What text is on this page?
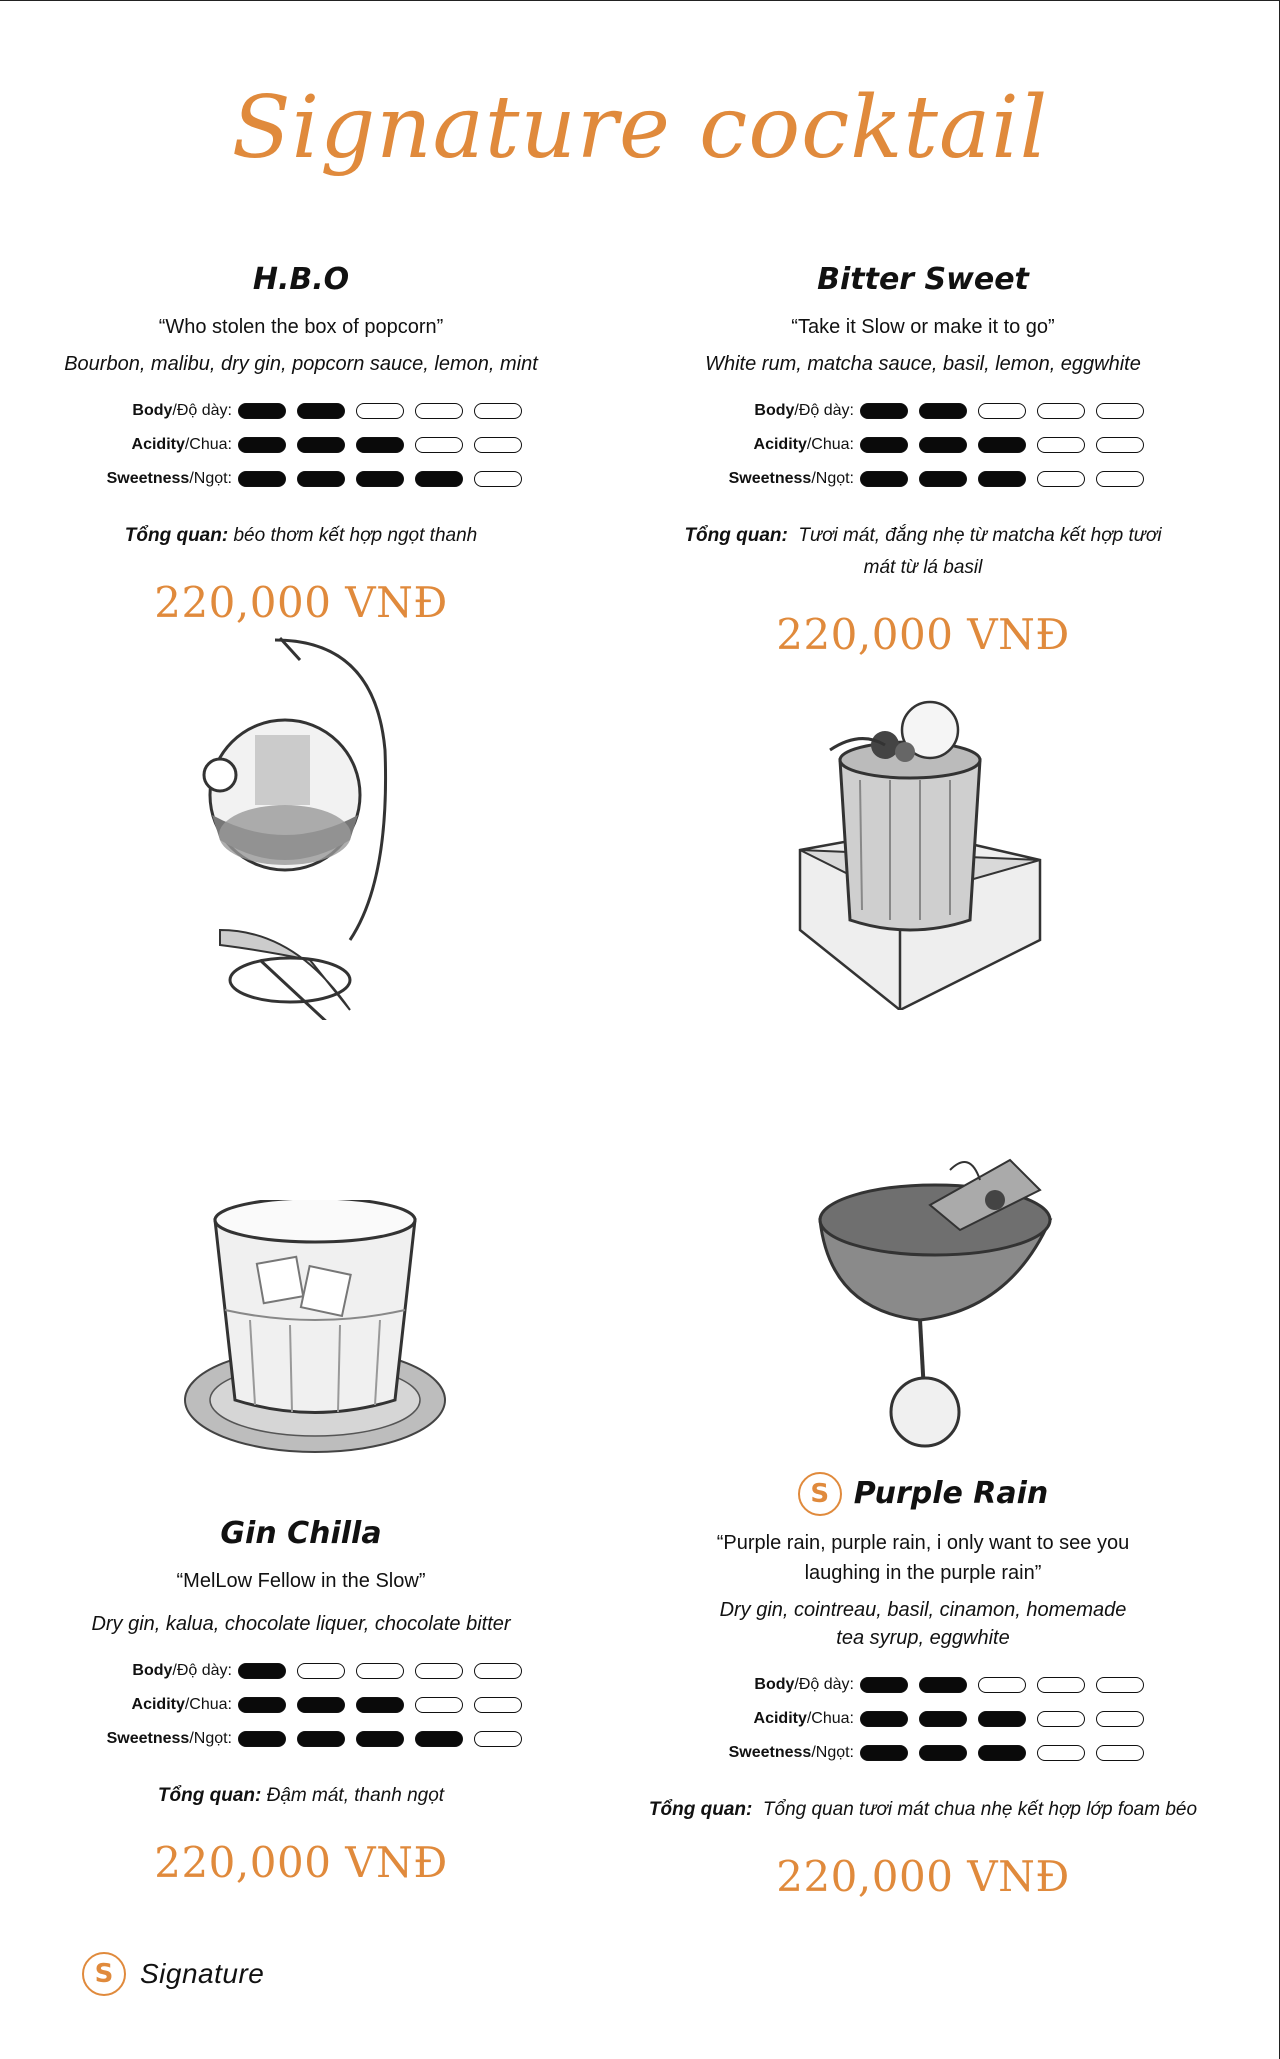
Signature cocktail
H.B.O
“Who stolen the box of popcorn”
Bourbon, malibu, dry gin, popcorn sauce, lemon, mint
Body/Độ dày:
Acidity/Chua:
Sweetness/Ngọt:
Tổng quan: béo thơm kết hợp ngọt thanh
220,000 VNĐ
Bitter Sweet
“Take it Slow or make it to go”
White rum, matcha sauce, basil, lemon, eggwhite
Body/Độ dày:
Acidity/Chua:
Sweetness/Ngọt:
Tổng quan: Tươi mát, đắng nhẹ từ matcha kết hợp tươi mát từ lá basil
220,000 VNĐ
Gin Chilla
“MelLow Fellow in the Slow”
Dry gin, kalua, chocolate liquer, chocolate bitter
Body/Độ dày:
Acidity/Chua:
Sweetness/Ngọt:
Tổng quan: Đậm mát, thanh ngọt
220,000 VNĐ
S Purple Rain
“Purple rain, purple rain, i only want to see you laughing in the purple rain”
Dry gin, cointreau, basil, cinamon, homemade tea syrup, eggwhite
Body/Độ dày:
Acidity/Chua:
Sweetness/Ngọt:
Tổng quan: Tổng quan tươi mát chua nhẹ kết hợp lớp foam béo
220,000 VNĐ
S Signature
